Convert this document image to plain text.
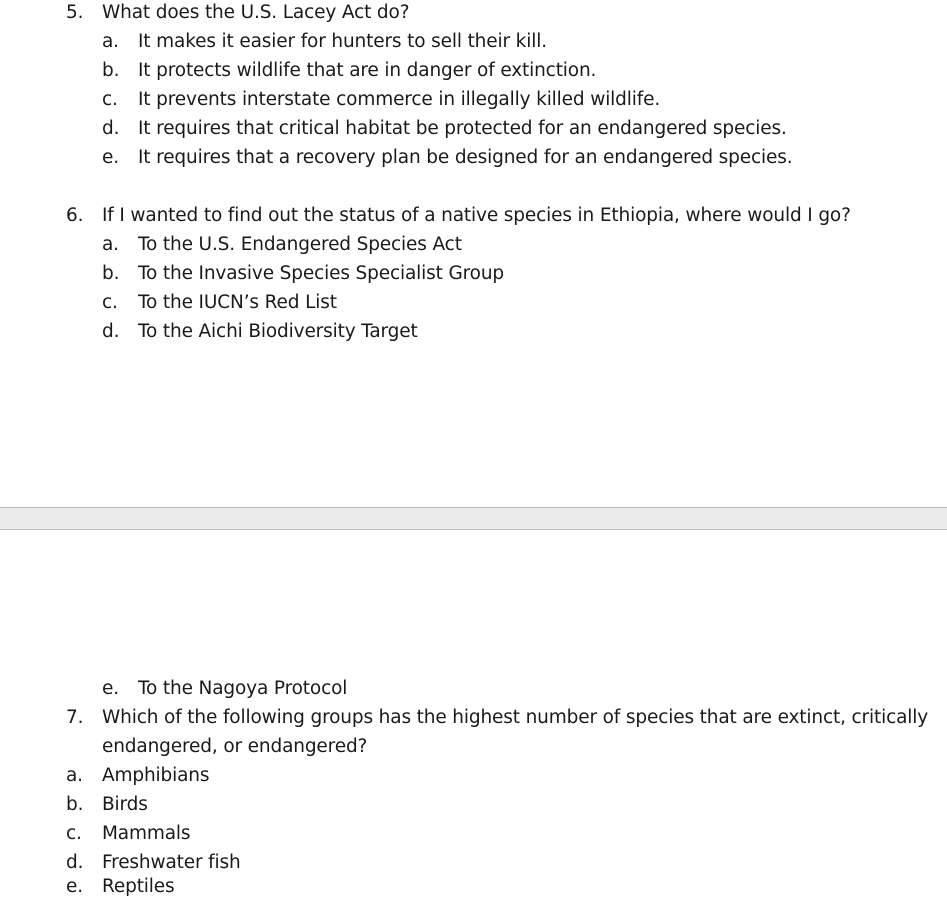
5. What does the U.S. Lacey Act do?
a. It makes it easier for hunters to sell their kill.
b. It protects wildlife that are in danger of extinction.
c. It prevents interstate commerce in illegally killed wildlife.
d. It requires that critical habitat be protected for an endangered species.
e. It requires that a recovery plan be designed for an endangered species.
6. If I wanted to find out the status of a native species in Ethiopia, where would I go?
a. To the U.S. Endangered Species Act
b. To the Invasive Species Specialist Group
c. To the IUCN’s Red List
d. To the Aichi Biodiversity Target
e. To the Nagoya Protocol
7. Which of the following groups has the highest number of species that are extinct, critically
endangered, or endangered?
a. Amphibians
b. Birds
c. Mammals
d. Freshwater fish
e. Reptiles
